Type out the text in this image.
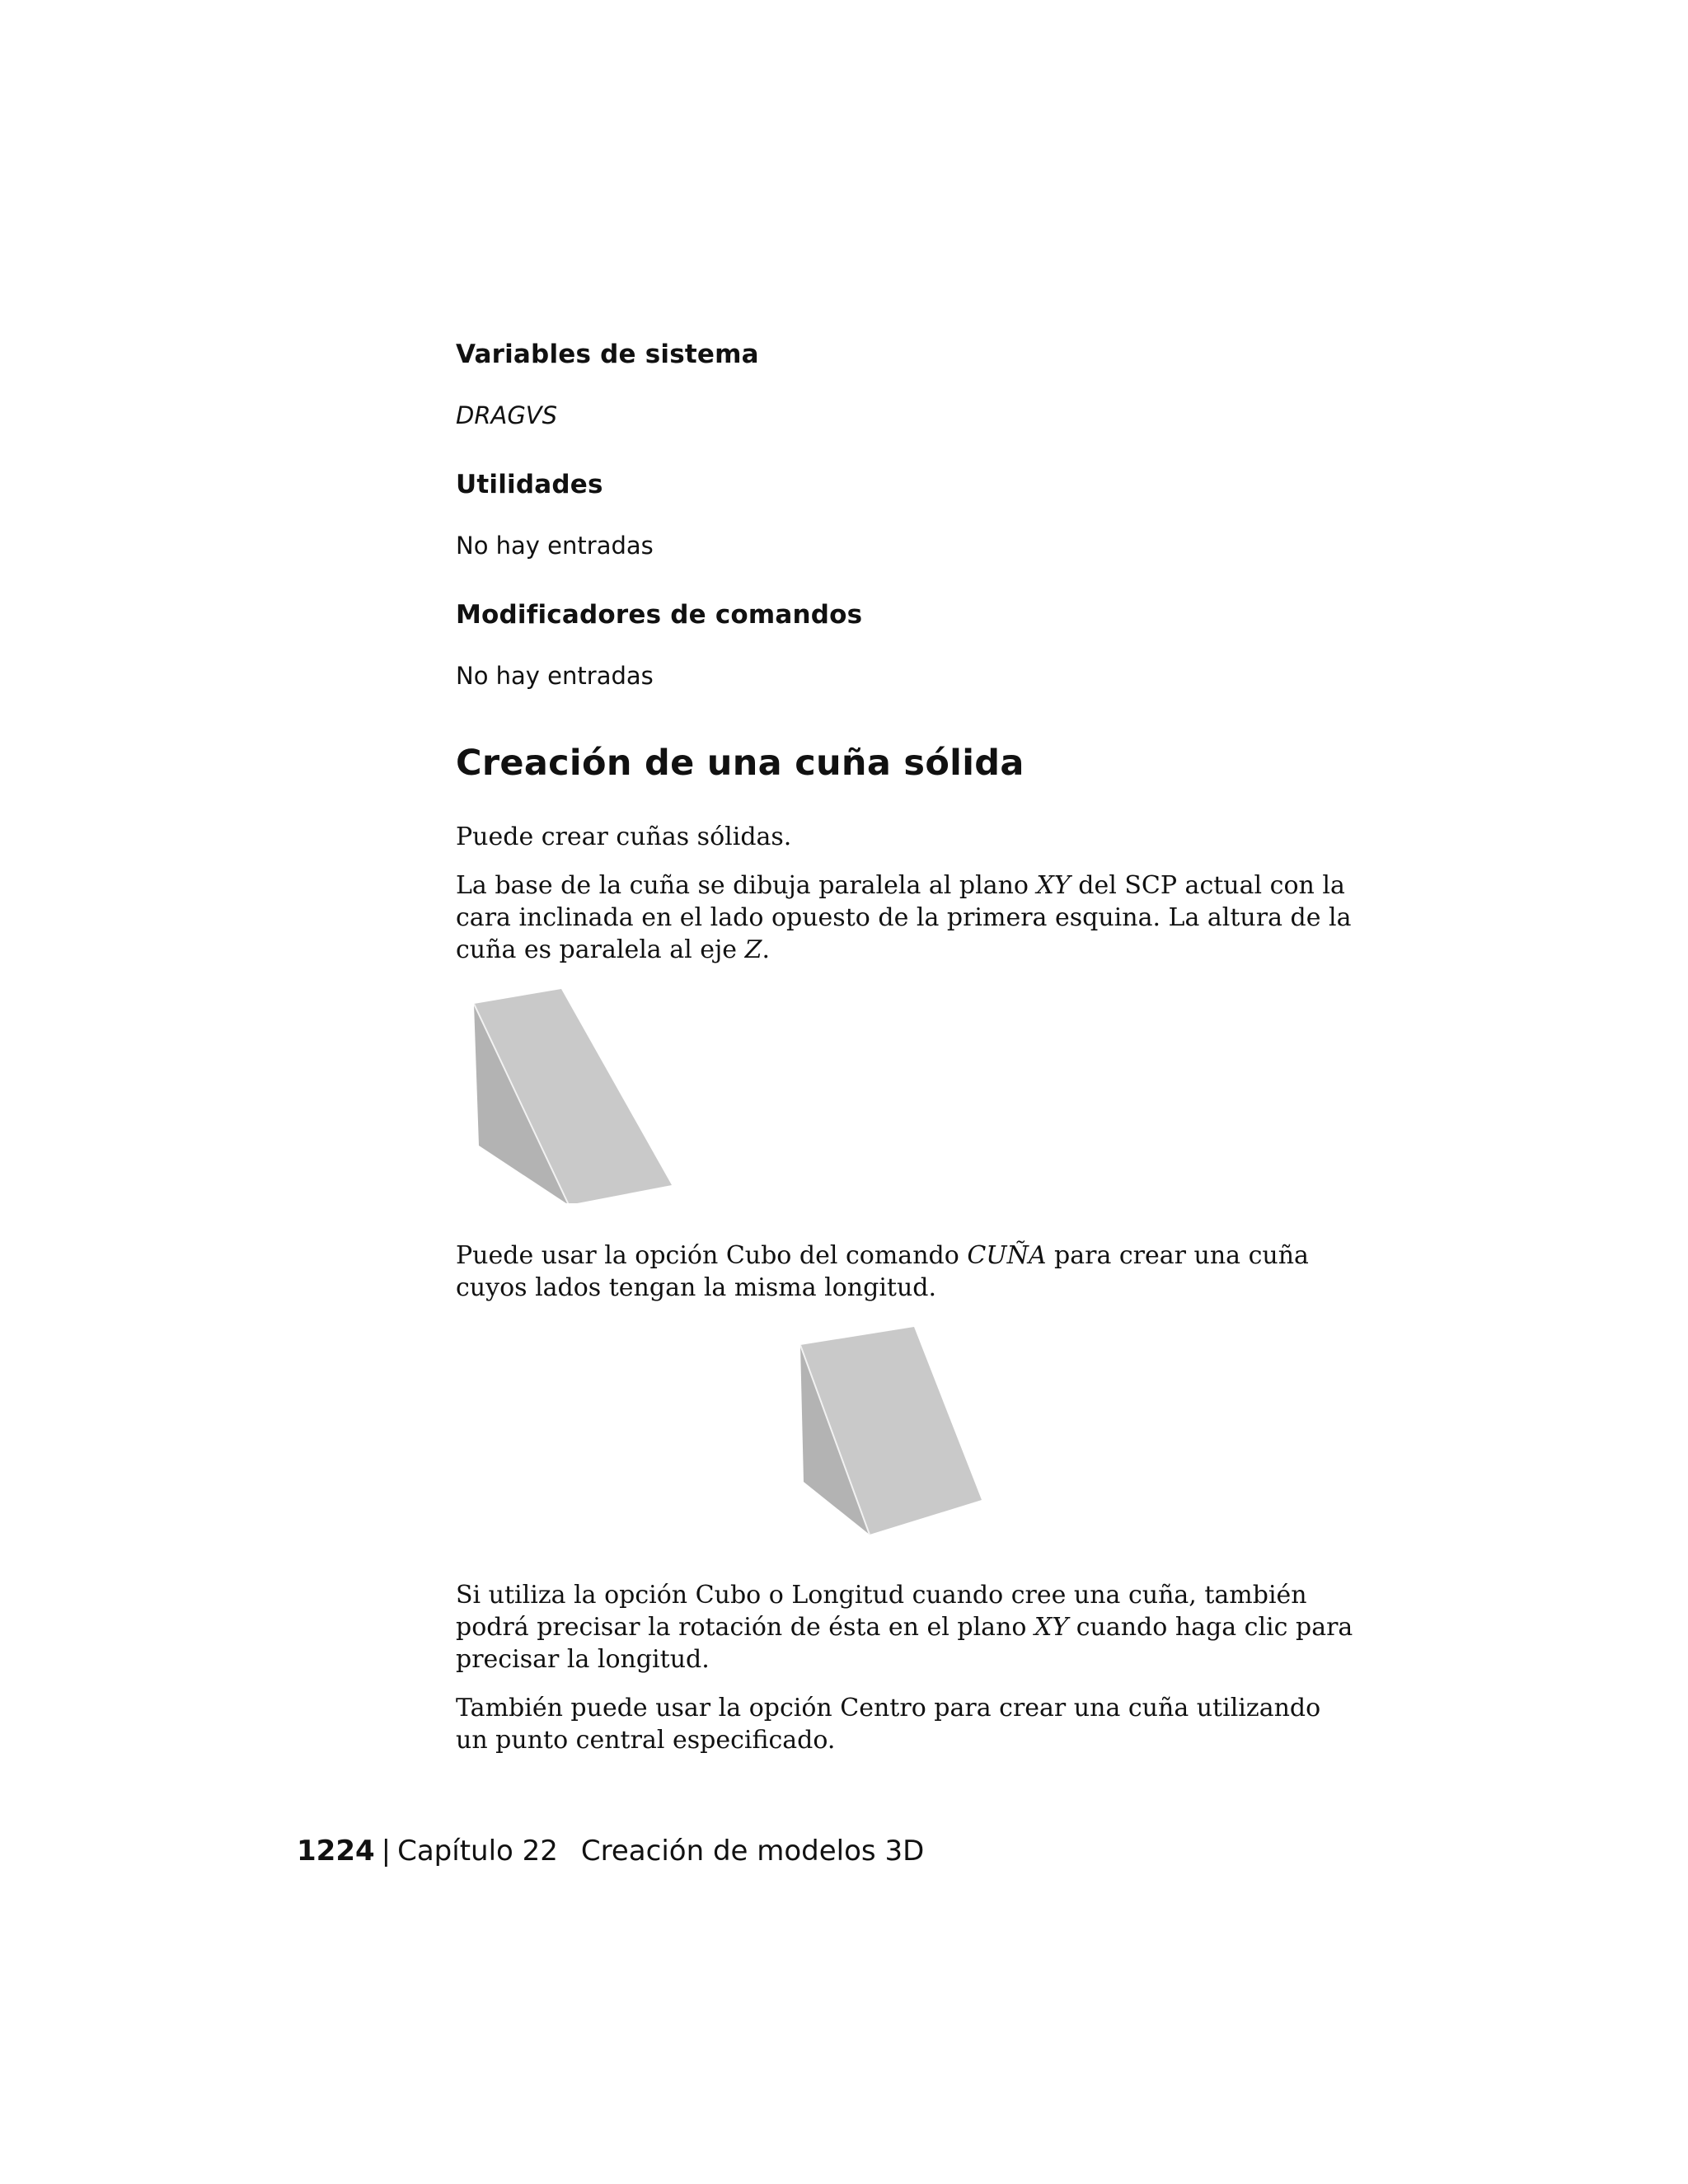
Variables de sistema
DRAGVS
Utilidades
No hay entradas
Modificadores de comandos
No hay entradas
Creación de una cuña sólida

Puede crear cuñas sólidas.

La base de la cuña se dibuja paralela al plano XY del SCP actual con la cara inclinada en el lado opuesto de la primera esquina. La altura de la cuña es paralela al eje Z.

Puede usar la opción Cubo del comando CUÑA para crear una cuña cuyos lados tengan la misma longitud.

Si utiliza la opción Cubo o Longitud cuando cree una cuña, también podrá precisar la rotación de ésta en el plano XY cuando haga clic para precisar la longitud.

También puede usar la opción Centro para crear una cuña utilizando un punto central especificado.

1224 | Capítulo 22 Creación de modelos 3D
